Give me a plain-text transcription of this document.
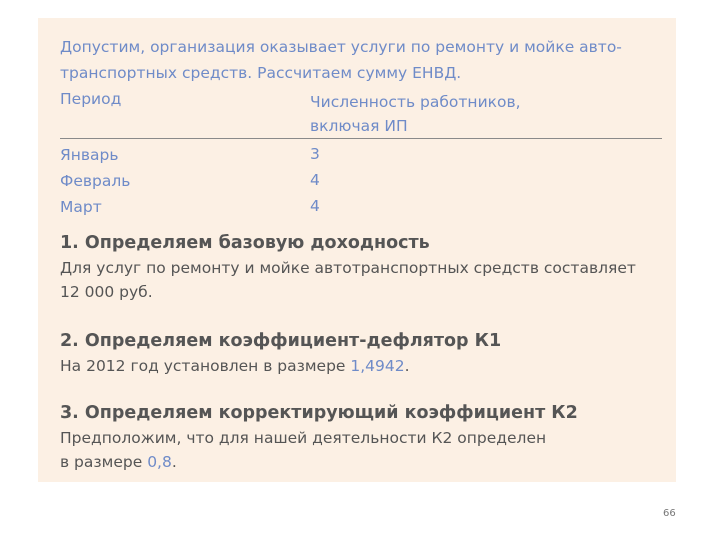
Допустим, организация оказывает услуги по ремонту и мойке авто-
транспортных средств. Рассчитаем сумму ЕНВД.
Период	Численность работников,
включая ИП
Январь	3
Февраль	4
Март	4
1. Определяем базовую доходность

Для услуг по ремонту и мойке автотранспортных средств составляет

12 000 руб.

2. Определяем коэффициент-дефлятор К1

На 2012 год установлен в размере 1,4942.

3. Определяем корректирующий коэффициент К2

Предположим, что для нашей деятельности К2 определен

в размере 0,8.

66
